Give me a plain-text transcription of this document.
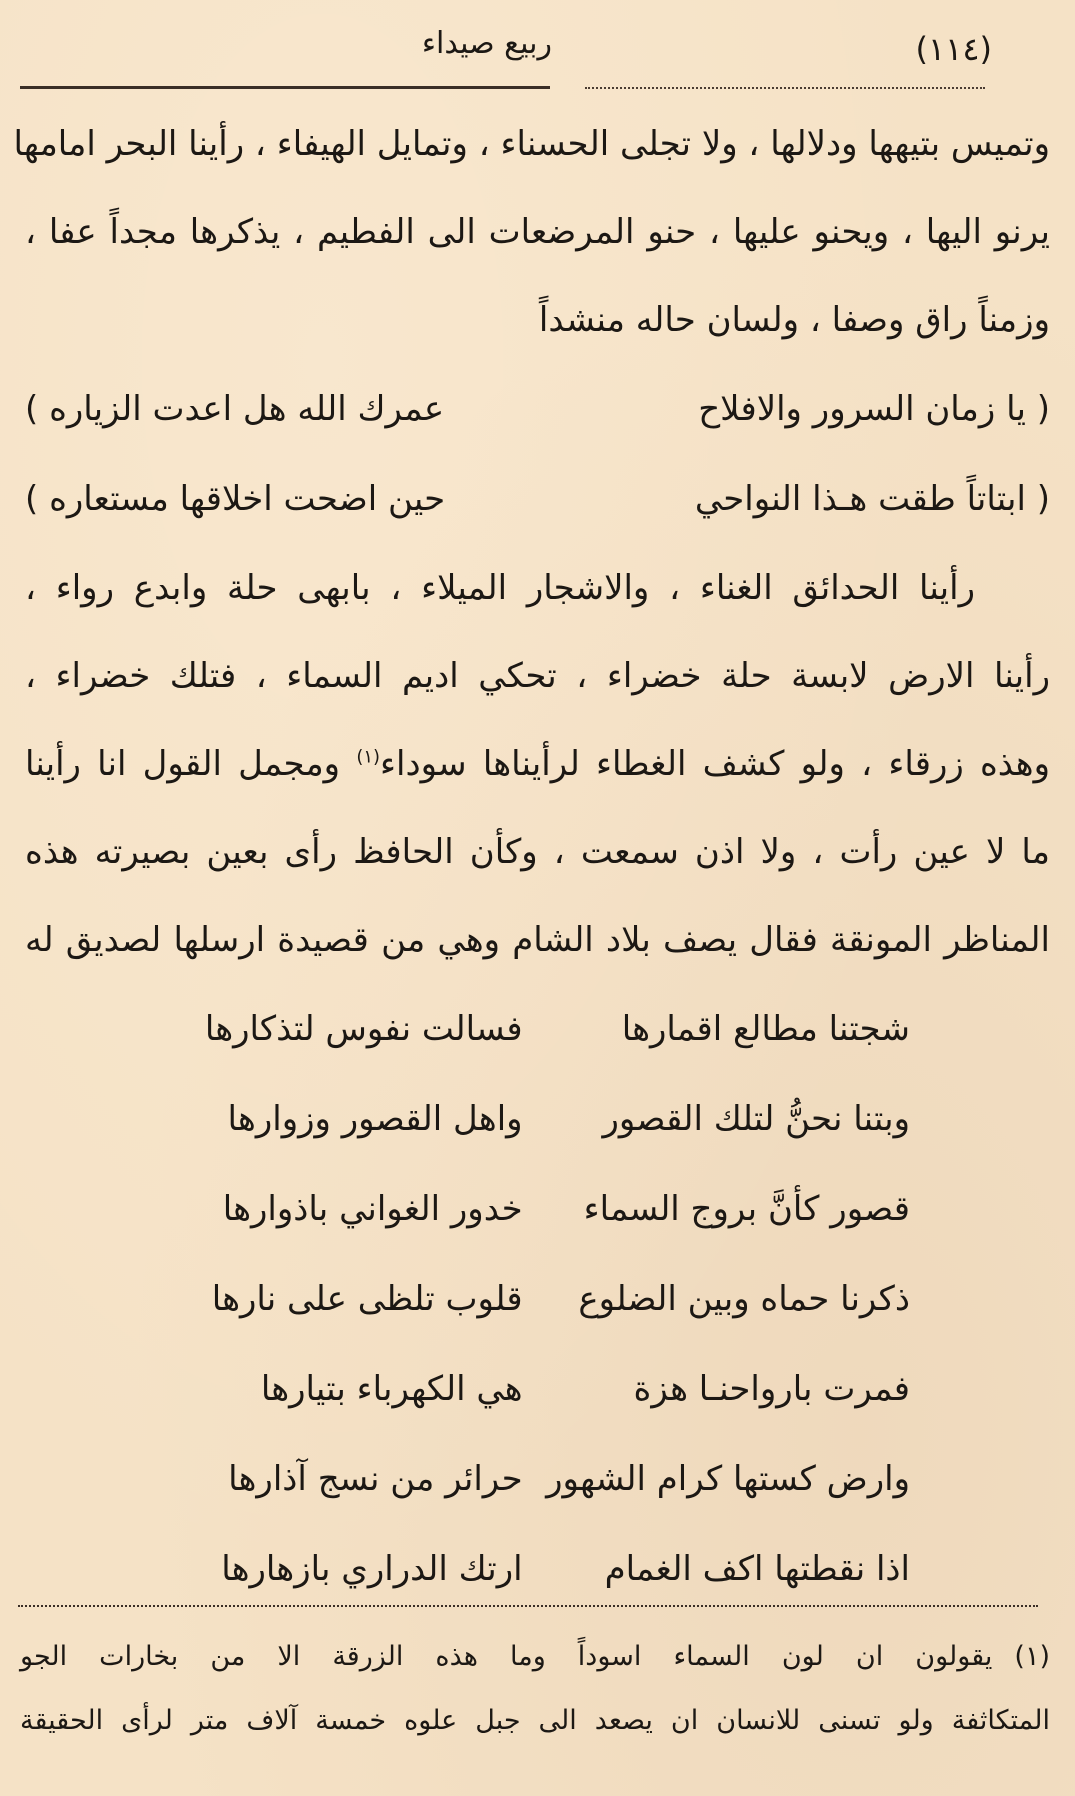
(١١٤)
ربيع صيداء
وتميس بتيهها ودلالها ، ولا تجلى الحسناء ، وتمايل الهيفاء ، رأينا البحر امامها
يرنو اليها ، ويحنو عليها ، حنو المرضعات الى الفطيم ، يذكرها مجداً عفا ،
وزمناً راق وصفا ، ولسان حاله منشداً
( يا زمان السرور والافلاح
عمرك الله هل اعدت الزياره )
( ابتاتاً طقت هـذا النواحي
حين اضحت اخلاقها مستعاره )
رأينا الحدائق الغناء ، والاشجار الميلاء ، بابهى حلة وابدع رواء ،
رأينا الارض لابسة حلة خضراء ، تحكي اديم السماء ، فتلك خضراء ،
وهذه زرقاء ، ولو كشف الغطاء لرأيناها سوداء$^{(١)}$ ومجمل القول انا رأينا
ما لا عين رأت ، ولا اذن سمعت ، وكأن الحافظ رأى بعين بصيرته هذه
المناظر المونقة فقال يصف بلاد الشام وهي من قصيدة ارسلها لصديق له
شجتنا مطالع اقمارها
فسالت نفوس لتذكارها
وبتنا نحنُّ لتلك القصور
واهل القصور وزوارها
قصور كأنَّ بروج السماء
خدور الغواني باذوارها
ذكرنا حماه وبين الضلوع
قلوب تلظى على نارها
فمرت بارواحنـا هزة
هي الكهرباء بتيارها
وارض كستها كرام الشهور
حرائر من نسج آذارها
اذا نقطتها اكف الغمام
ارتك الدراري بازهارها
(١)يقولون ان لون السماء اسوداً وما هذه الزرقة الا من بخارات الجو
المتكاثفة ولو تسنى للانسان ان يصعد الى جبل علوه خمسة آلاف متر لرأى الحقيقة
